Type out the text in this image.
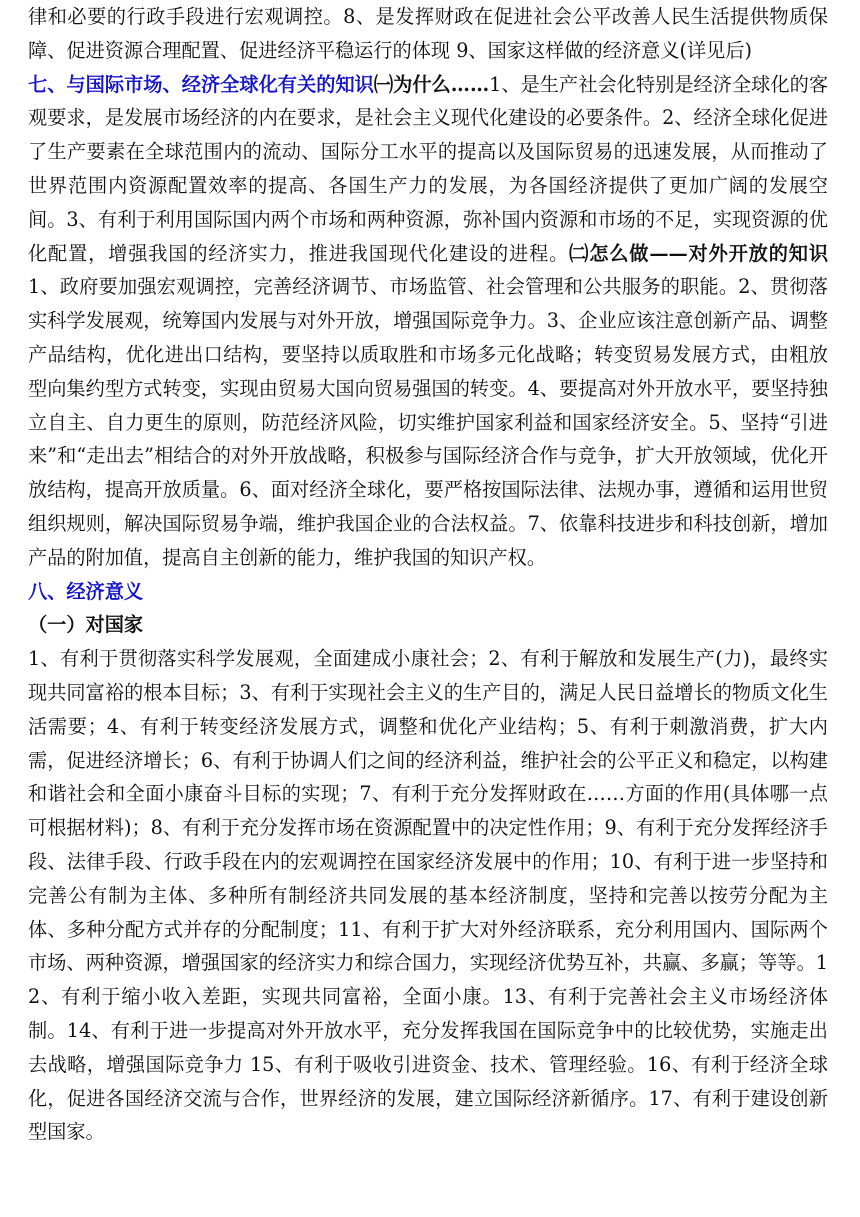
律和必要的行政手段进行宏观调控。8、是发挥财政在促进社会公平改善人民生活提供物质保障、促进资源合理配置、促进经济平稳运行的体现 9、国家这样做的经济意义(详见后)

七、与国际市场、经济全球化有关的知识㈠为什么……1、是生产社会化特别是经济全球化的客观要求，是发展市场经济的内在要求，是社会主义现代化建设的必要条件。2、经济全球化促进了生产要素在全球范围内的流动、国际分工水平的提高以及国际贸易的迅速发展，从而推动了世界范围内资源配置效率的提高、各国生产力的发展，为各国经济提供了更加广阔的发展空间。3、有利于利用国际国内两个市场和两种资源，弥补国内资源和市场的不足，实现资源的优化配置，增强我国的经济实力，推进我国现代化建设的进程。㈡怎么做——对外开放的知识 1、政府要加强宏观调控，完善经济调节、市场监管、社会管理和公共服务的职能。2、贯彻落实科学发展观，统筹国内发展与对外开放，增强国际竞争力。3、企业应该注意创新产品、调整产品结构，优化进出口结构，要坚持以质取胜和市场多元化战略；转变贸易发展方式，由粗放型向集约型方式转变，实现由贸易大国向贸易强国的转变。4、要提高对外开放水平，要坚持独立自主、自力更生的原则，防范经济风险，切实维护国家利益和国家经济安全。5、坚持“引进来”和“走出去”相结合的对外开放战略，积极参与国际经济合作与竞争，扩大开放领域，优化开放结构，提高开放质量。6、面对经济全球化，要严格按国际法律、法规办事，遵循和运用世贸组织规则，解决国际贸易争端，维护我国企业的合法权益。7、依靠科技进步和科技创新，增加产品的附加值，提高自主创新的能力，维护我国的知识产权。

八、经济意义

（一）对国家

1、有利于贯彻落实科学发展观，全面建成小康社会；2、有利于解放和发展生产(力)，最终实现共同富裕的根本目标；3、有利于实现社会主义的生产目的，满足人民日益增长的物质文化生活需要；4、有利于转变经济发展方式，调整和优化产业结构；5、有利于刺激消费，扩大内需，促进经济增长；6、有利于协调人们之间的经济利益，维护社会的公平正义和稳定，以构建和谐社会和全面小康奋斗目标的实现；7、有利于充分发挥财政在……方面的作用(具体哪一点可根据材料)；8、有利于充分发挥市场在资源配置中的决定性作用；9、有利于充分发挥经济手段、法律手段、行政手段在内的宏观调控在国家经济发展中的作用；10、有利于进一步坚持和完善公有制为主体、多种所有制经济共同发展的基本经济制度，坚持和完善以按劳分配为主体、多种分配方式并存的分配制度；11、有利于扩大对外经济联系，充分利用国内、国际两个市场、两种资源，增强国家的经济实力和综合国力，实现经济优势互补，共赢、多赢；等等。12、有利于缩小收入差距，实现共同富裕，全面小康。13、有利于完善社会主义市场经济体制。14、有利于进一步提高对外开放水平，充分发挥我国在国际竞争中的比较优势，实施走出去战略，增强国际竞争力 15、有利于吸收引进资金、技术、管理经验。16、有利于经济全球化，促进各国经济交流与合作，世界经济的发展，建立国际经济新循序。17、有利于建设创新型国家。
